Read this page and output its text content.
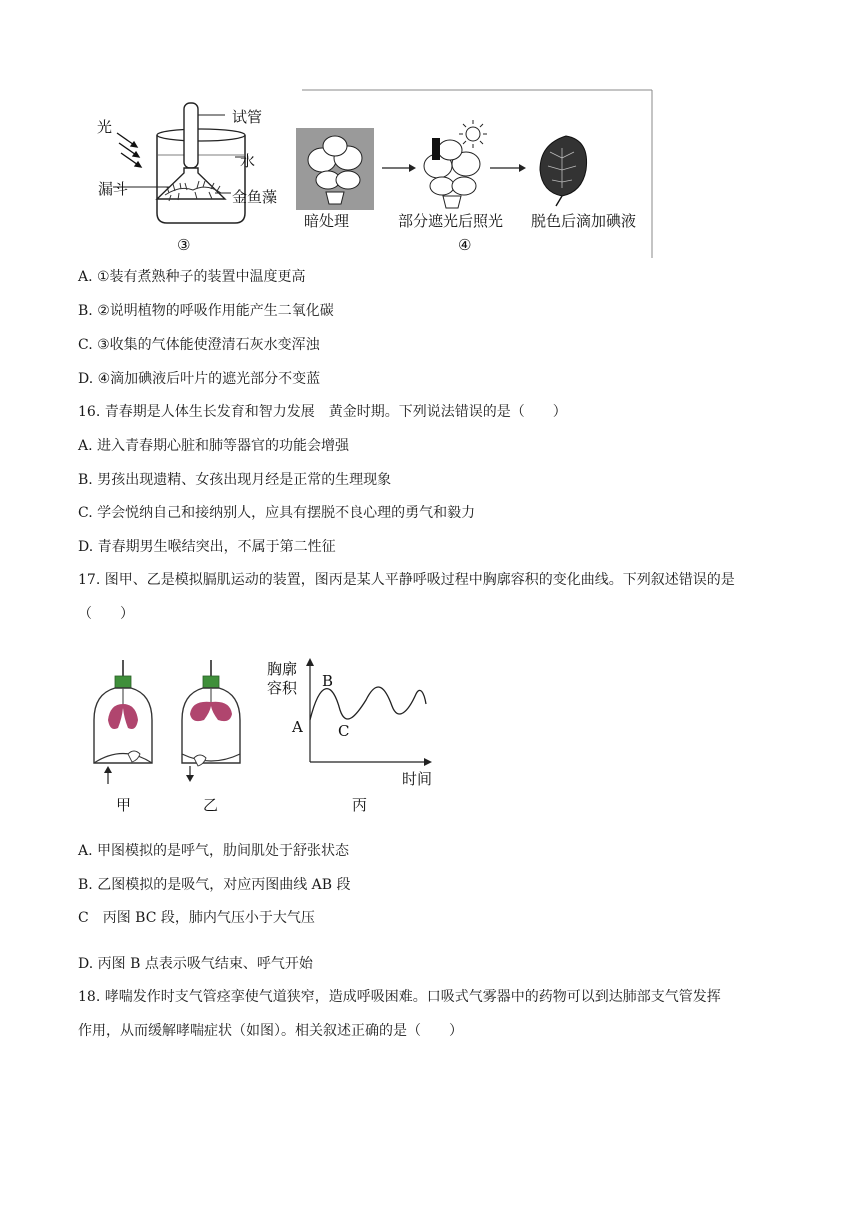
光
漏斗
试管
水
金鱼藻
③
暗处理	部分遮光后照光 脱色后滴加碘液
④
A. ①装有煮熟种子的装置中温度更高
B. ②说明植物的呼吸作用能产生二氧化碳
C. ③收集的气体能使澄清石灰水变浑浊
D. ④滴加碘液后叶片的遮光部分不变蓝
16. 青春期是人体生长发育和智力发展　黄金时期。下列说法错误的是（　　）
A. 进入青春期心脏和肺等器官的功能会增强
B. 男孩出现遗精、女孩出现月经是正常的生理现象
C. 学会悦纳自己和接纳别人，应具有摆脱不良心理的勇气和毅力
D. 青春期男生喉结突出，不属于第二性征
17. 图甲、乙是模拟膈肌运动的装置，图丙是某人平静呼吸过程中胸廓容积的变化曲线。下列叙述错误的是
（　　）
胸廓
容积 B
A C
时间
甲	乙	丙
A. 甲图模拟的是呼气，肋间肌处于舒张状态
B. 乙图模拟的是吸气，对应丙图曲线 AB 段
C　丙图 BC 段，肺内气压小于大气压
D. 丙图 B 点表示吸气结束、呼气开始
18. 哮喘发作时支气管痉挛使气道狭窄，造成呼吸困难。口吸式气雾器中的药物可以到达肺部支气管发挥
作用，从而缓解哮喘症状（如图）。相关叙述正确的是（　　）
